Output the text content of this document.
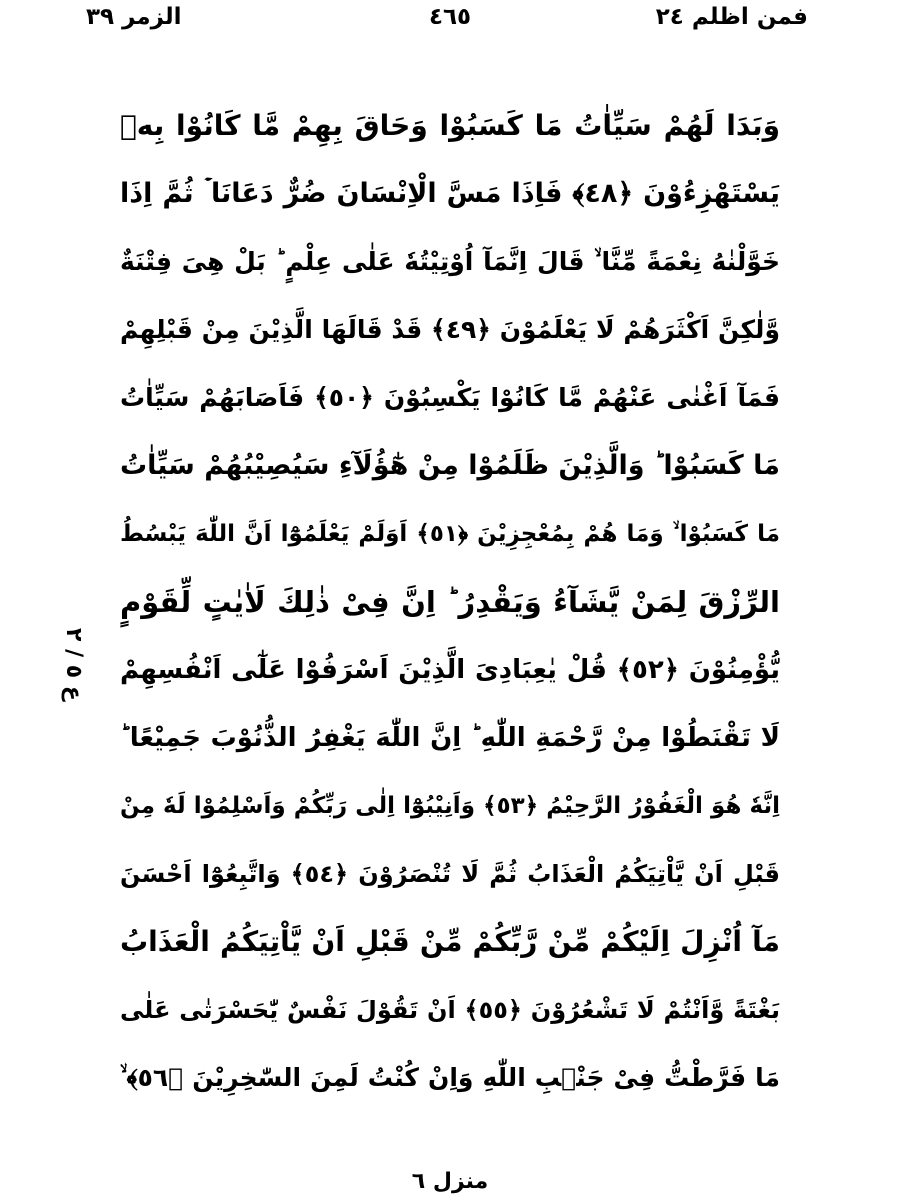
فمن اظلم ٢٤
٤٦٥
الزمر ٣٩
وَبَدَا لَهُمْ سَيِّاٰتُ مَا كَسَبُوْا وَحَاقَ بِهِمْ مَّا كَانُوْا بِهٖ
يَسْتَهْزِءُوْنَ ﴿٤٨﴾ فَاِذَا مَسَّ الْاِنْسَانَ ضُرٌّ دَعَانَا ۡ ثُمَّ اِذَا
خَوَّلْنٰهُ نِعْمَةً مِّنَّا ۙ قَالَ اِنَّمَآ اُوْتِيْتُهٗ عَلٰى عِلْمٍ ؕ بَلْ هِىَ فِتْنَةٌ
وَّلٰكِنَّ اَكْثَرَهُمْ لَا يَعْلَمُوْنَ ﴿٤٩﴾ قَدْ قَالَهَا الَّذِيْنَ مِنْ قَبْلِهِمْ
فَمَآ اَغْنٰى عَنْهُمْ مَّا كَانُوْا يَكْسِبُوْنَ ﴿٥٠﴾ فَاَصَابَهُمْ سَيِّاٰتُ
مَا كَسَبُوْا ؕ وَالَّذِيْنَ ظَلَمُوْا مِنْ هٰٓؤُلَآءِ سَيُصِيْبُهُمْ سَيِّاٰتُ
مَا كَسَبُوْا ۙ وَمَا هُمْ بِمُعْجِزِيْنَ ﴿٥١﴾ اَوَلَمْ يَعْلَمُوْٓا اَنَّ اللّٰهَ يَبْسُطُ
الرِّزْقَ لِمَنْ يَّشَآءُ وَيَقْدِرُ ؕ اِنَّ فِىْ ذٰلِكَ لَاٰيٰتٍ لِّقَوْمٍ
يُّؤْمِنُوْنَ ﴿٥٢﴾ قُلْ يٰعِبَادِىَ الَّذِيْنَ اَسْرَفُوْا عَلٰٓى اَنْفُسِهِمْ
لَا تَقْنَطُوْا مِنْ رَّحْمَةِ اللّٰهِ ؕ اِنَّ اللّٰهَ يَغْفِرُ الذُّنُوْبَ جَمِيْعًا ؕ
اِنَّهٗ هُوَ الْغَفُوْرُ الرَّحِيْمُ ﴿٥٣﴾ وَاَنِيْبُوْٓا اِلٰى رَبِّكُمْ وَاَسْلِمُوْا لَهٗ مِنْ
قَبْلِ اَنْ يَّاْتِيَكُمُ الْعَذَابُ ثُمَّ لَا تُنْصَرُوْنَ ﴿٥٤﴾ وَاتَّبِعُوْٓا اَحْسَنَ
مَآ اُنْزِلَ اِلَيْكُمْ مِّنْ رَّبِّكُمْ مِّنْ قَبْلِ اَنْ يَّاْتِيَكُمُ الْعَذَابُ
بَغْتَةً وَّاَنْتُمْ لَا تَشْعُرُوْنَ ﴿٥٥﴾ اَنْ تَقُوْلَ نَفْسٌ يّٰحَسْرَتٰى عَلٰى
مَا فَرَّطْتُّ فِىْ جَنْۢبِ اللّٰهِ وَاِنْ كُنْتُ لَمِنَ السّٰخِرِيْنَ ﴿٥٦﴾ ۙ
ع ٥ / ٢
منزل ٦
